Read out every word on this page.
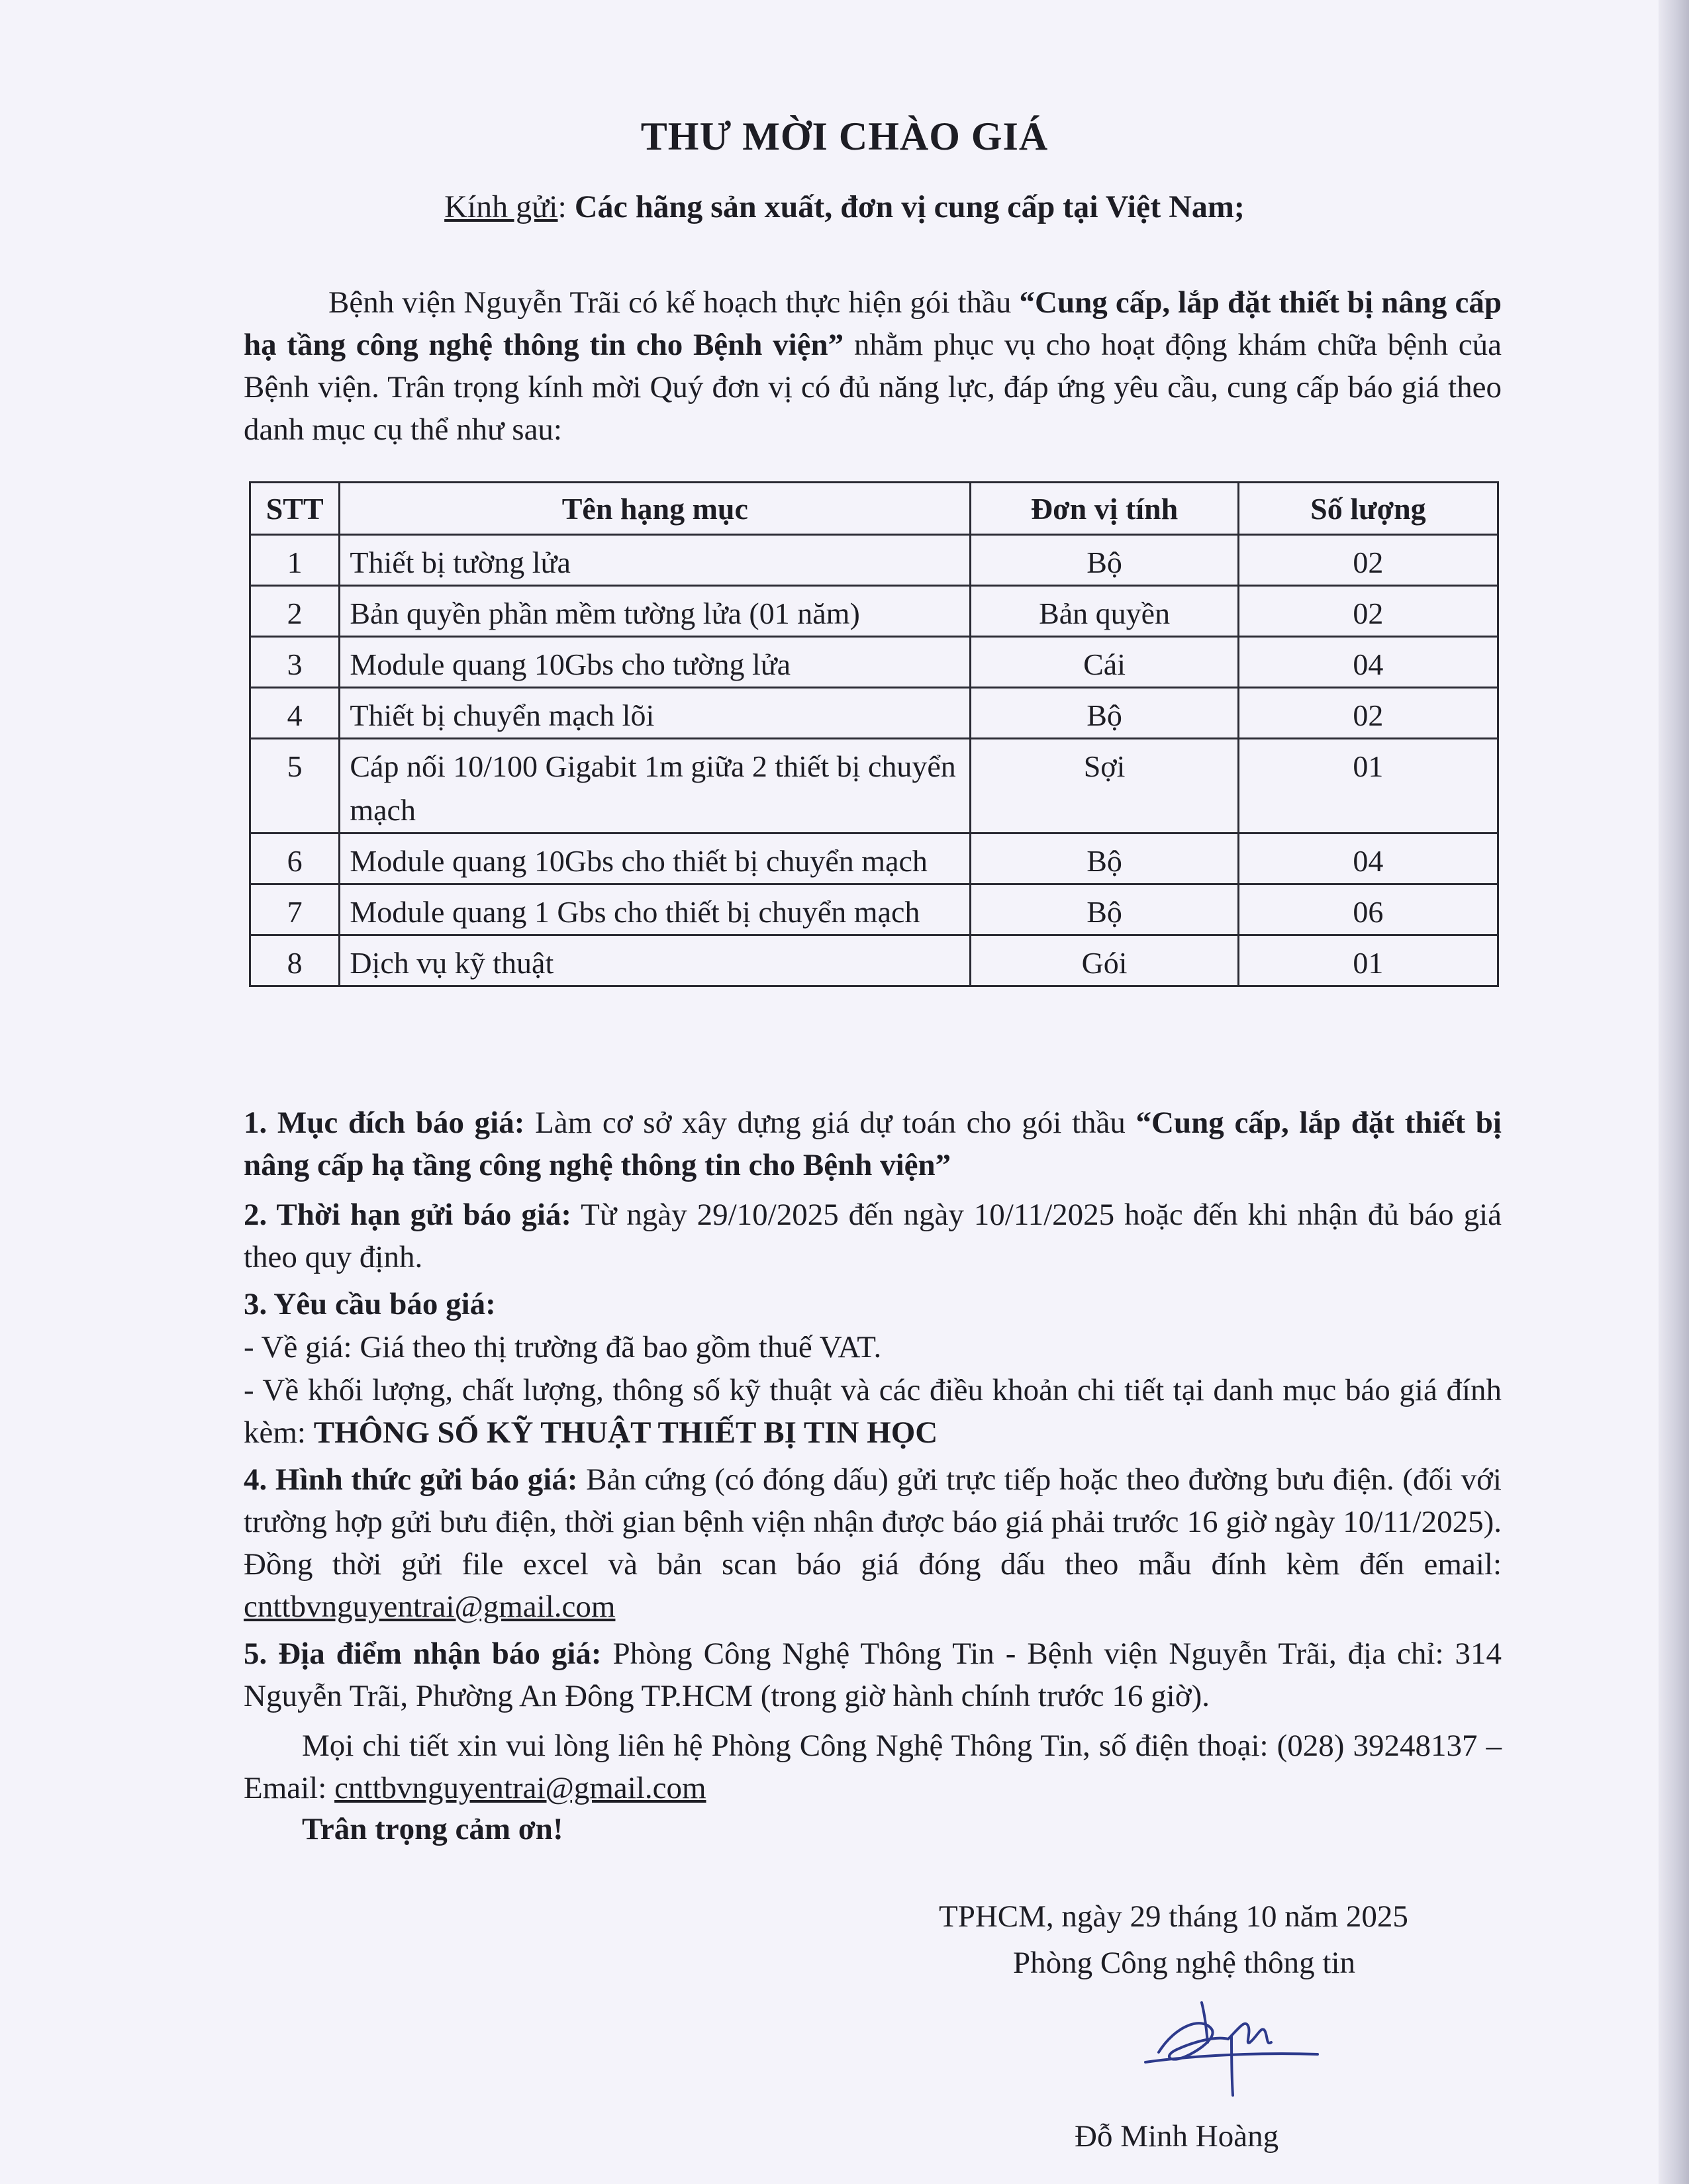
THƯ MỜI CHÀO GIÁ
Kính gửi: Các hãng sản xuất, đơn vị cung cấp tại Việt Nam;
Bệnh viện Nguyễn Trãi có kế hoạch thực hiện gói thầu “Cung cấp, lắp đặt thiết bị nâng cấp hạ tầng công nghệ thông tin cho Bệnh viện” nhằm phục vụ cho hoạt động khám chữa bệnh của Bệnh viện. Trân trọng kính mời Quý đơn vị có đủ năng lực, đáp ứng yêu cầu, cung cấp báo giá theo danh mục cụ thể như sau:
STT	Tên hạng mục	Đơn vị tính	Số lượng
1	Thiết bị tường lửa	Bộ	02
2	Bản quyền phần mềm tường lửa (01 năm)	Bản quyền	02
3	Module quang 10Gbs cho tường lửa	Cái	04
4	Thiết bị chuyển mạch lõi	Bộ	02
5	Cáp nối 10/100 Gigabit 1m giữa 2 thiết bị chuyển mạch	Sợi	01
6	Module quang 10Gbs cho thiết bị chuyển mạch	Bộ	04
7	Module quang 1 Gbs cho thiết bị chuyển mạch	Bộ	06
8	Dịch vụ kỹ thuật	Gói	01
1. Mục đích báo giá: Làm cơ sở xây dựng giá dự toán cho gói thầu “Cung cấp, lắp đặt thiết bị nâng cấp hạ tầng công nghệ thông tin cho Bệnh viện”
2. Thời hạn gửi báo giá: Từ ngày 29/10/2025 đến ngày 10/11/2025 hoặc đến khi nhận đủ báo giá theo quy định.
3. Yêu cầu báo giá:
- Về giá: Giá theo thị trường đã bao gồm thuế VAT.
- Về khối lượng, chất lượng, thông số kỹ thuật và các điều khoản chi tiết tại danh mục báo giá đính kèm: THÔNG SỐ KỸ THUẬT THIẾT BỊ TIN HỌC
4. Hình thức gửi báo giá: Bản cứng (có đóng dấu) gửi trực tiếp hoặc theo đường bưu điện. (đối với trường hợp gửi bưu điện, thời gian bệnh viện nhận được báo giá phải trước 16 giờ ngày 10/11/2025). Đồng thời gửi file excel và bản scan báo giá đóng dấu theo mẫu đính kèm đến email: cnttbvnguyentrai@gmail.com
5. Địa điểm nhận báo giá: Phòng Công Nghệ Thông Tin - Bệnh viện Nguyễn Trãi, địa chỉ: 314 Nguyễn Trãi, Phường An Đông TP.HCM (trong giờ hành chính trước 16 giờ).
Mọi chi tiết xin vui lòng liên hệ Phòng Công Nghệ Thông Tin, số điện thoại: (028) 39248137 – Email: cnttbvnguyentrai@gmail.com
Trân trọng cảm ơn!
TPHCM, ngày 29 tháng 10 năm 2025
Phòng Công nghệ thông tin
Đỗ Minh Hoàng
